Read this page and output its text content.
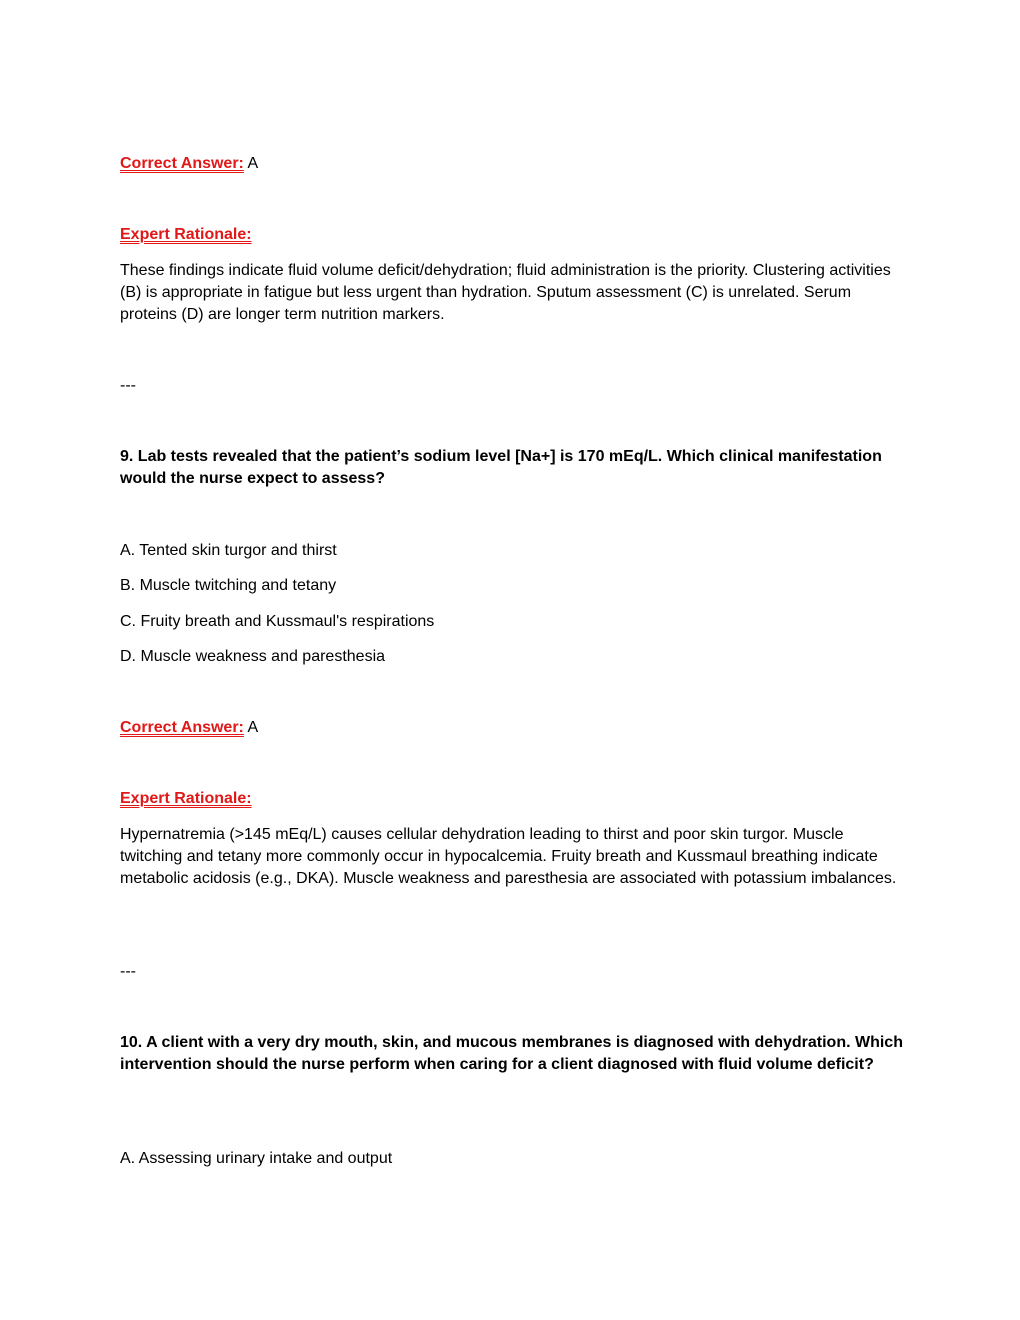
Correct Answer: A

Expert Rationale:

These findings indicate fluid volume deficit/dehydration; fluid administration is the priority. Clustering activities (B) is appropriate in fatigue but less urgent than hydration. Sputum assessment (C) is unrelated. Serum proteins (D) are longer term nutrition markers.

---

9. Lab tests revealed that the patient’s sodium level [Na+] is 170 mEq/L. Which clinical manifestation would the nurse expect to assess?

A. Tented skin turgor and thirst

B. Muscle twitching and tetany

C. Fruity breath and Kussmaul's respirations

D. Muscle weakness and paresthesia

Correct Answer: A

Expert Rationale:

Hypernatremia (>145 mEq/L) causes cellular dehydration leading to thirst and poor skin turgor. Muscle twitching and tetany more commonly occur in hypocalcemia. Fruity breath and Kussmaul breathing indicate metabolic acidosis (e.g., DKA). Muscle weakness and paresthesia are associated with potassium imbalances.

---

10. A client with a very dry mouth, skin, and mucous membranes is diagnosed with dehydration. Which intervention should the nurse perform when caring for a client diagnosed with fluid volume deficit?

A. Assessing urinary intake and output
